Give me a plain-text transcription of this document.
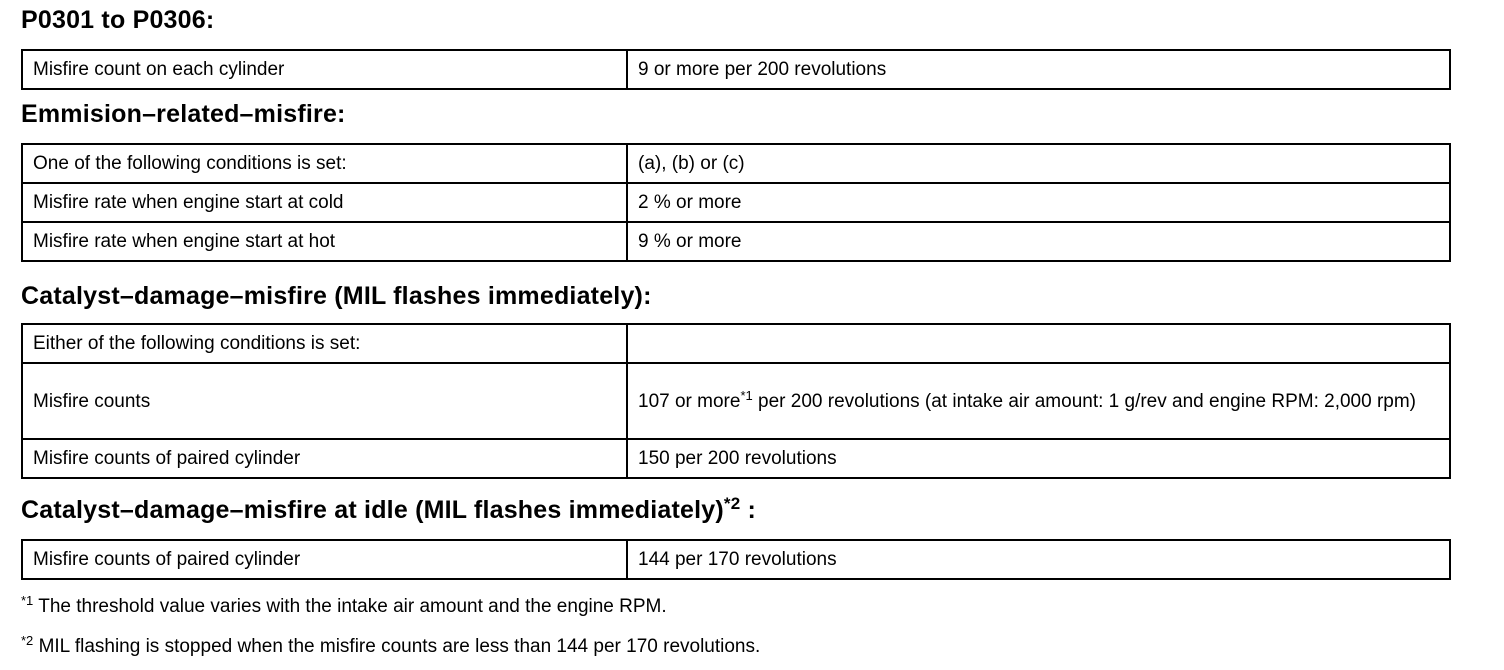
P0301 to P0306:
Misfire count on each cylinder	9 or more per 200 revolutions
Emmision–related–misfire:
One of the following conditions is set:	(a), (b) or (c)
Misfire rate when engine start at cold	2 % or more
Misfire rate when engine start at hot	9 % or more
Catalyst–damage–misfire (MIL flashes immediately):
Either of the following conditions is set:	
Misfire counts	107 or more$^{*1}$ per 200 revolutions (at intake air amount: 1 g/rev and engine RPM: 2,000 rpm)
Misfire counts of paired cylinder	150 per 200 revolutions
Catalyst–damage–misfire at idle (MIL flashes immediately)$^{*2}$ :
Misfire counts of paired cylinder	144 per 170 revolutions
$^{*1}$ The threshold value varies with the intake air amount and the engine RPM.
$^{*2}$ MIL flashing is stopped when the misfire counts are less than 144 per 170 revolutions.
